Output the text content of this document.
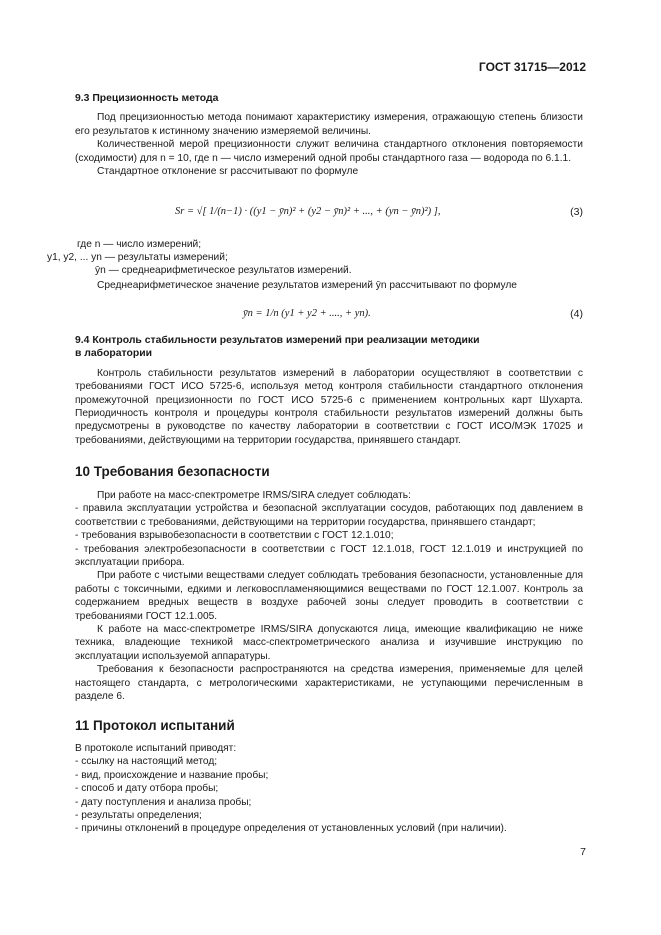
ГОСТ 31715—2012

9.3 Прецизионность метода

Под прецизионностью метода понимают характеристику измерения, отражающую степень близости его результатов к истинному значению измеряемой величины.

Количественной мерой прецизионности служит величина стандартного отклонения повторяемости (сходимости) для n = 10, где n — число измерений одной пробы стандартного газа — водорода по 6.1.1.

Стандартное отклонение sr рассчитывают по формуле

Sr = √[ 1/(n−1) · ((y1 − ȳn)² + (y2 − ȳn)² + ..., + (yn − ȳn)²) ],	(3)
где n — число измерений;
y1, y2, ... yn — результаты измерений;
ȳn — среднеарифметическое результатов измерений.

Среднеарифметическое значение результатов измерений ȳn рассчитывают по формуле

ȳn = 1/n (y1 + y2 + ...., + yn).	(4)

9.4 Контроль стабильности результатов измерений при реализации методики

в лаборатории

Контроль стабильности результатов измерений в лаборатории осуществляют в соответствии с требованиями ГОСТ ИСО 5725-6, используя метод контроля стабильности стандартного отклонения промежуточной прецизионности по ГОСТ ИСО 5725-6 с применением контрольных карт Шухарта. Периодичность контроля и процедуры контроля стабильности результатов измерений должны быть предусмотрены в руководстве по качеству лаборатории в соответствии с ГОСТ ИСО/МЭК 17025 и требованиями, действующими на территории государства, принявшего стандарт.

10 Требования безопасности

При работе на масс-спектрометре IRMS/SIRA следует соблюдать:

- правила эксплуатации устройства и безопасной эксплуатации сосудов, работающих под давлением в соответствии с требованиями, действующими на территории государства, принявшего стандарт;

- требования взрывобезопасности в соответствии с ГОСТ 12.1.010;

- требования электробезопасности в соответствии с ГОСТ 12.1.018, ГОСТ 12.1.019 и инструкцией по эксплуатации прибора.

При работе с чистыми веществами следует соблюдать требования безопасности, установленные для работы с токсичными, едкими и легковоспламеняющимися веществами по ГОСТ 12.1.007. Контроль за содержанием вредных веществ в воздухе рабочей зоны следует проводить в соответствии с требованиями ГОСТ 12.1.005.

К работе на масс-спектрометре IRMS/SIRA допускаются лица, имеющие квалификацию не ниже техника, владеющие техникой масс-спектрометрического анализа и изучившие инструкцию по эксплуатации используемой аппаратуры.

Требования к безопасности распространяются на средства измерения, применяемые для целей настоящего стандарта, с метрологическими характеристиками, не уступающими перечисленным в разделе 6.

11 Протокол испытаний

В протоколе испытаний приводят:

- ссылку на настоящий метод;

- вид, происхождение и название пробы;

- способ и дату отбора пробы;

- дату поступления и анализа пробы;

- результаты определения;

- причины отклонений в процедуре определения от установленных условий (при наличии).

7
